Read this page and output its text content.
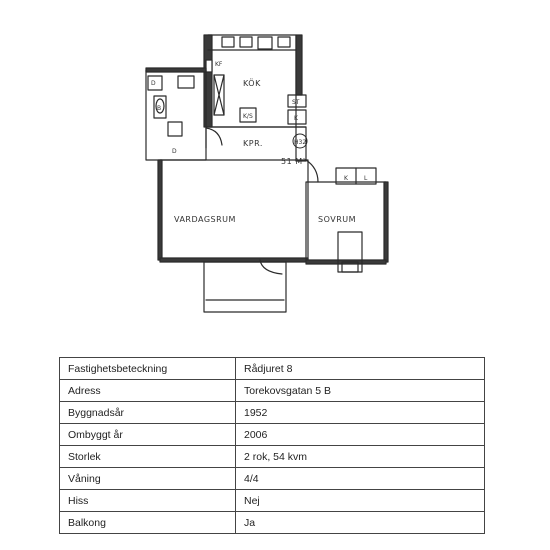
KÖK
KPR.
VARDAGSRUM	SOVRUM
51 M²
H32
KF
ST
K
K/S
D
B
D
K	L
Fastighetsbeteckning	Rådjuret 8
Adress	Torekovsgatan 5 B
Byggnadsår	1952
Ombyggt år	2006
Storlek	2 rok, 54 kvm
Våning	4/4
Hiss	Nej
Balkong	Ja
